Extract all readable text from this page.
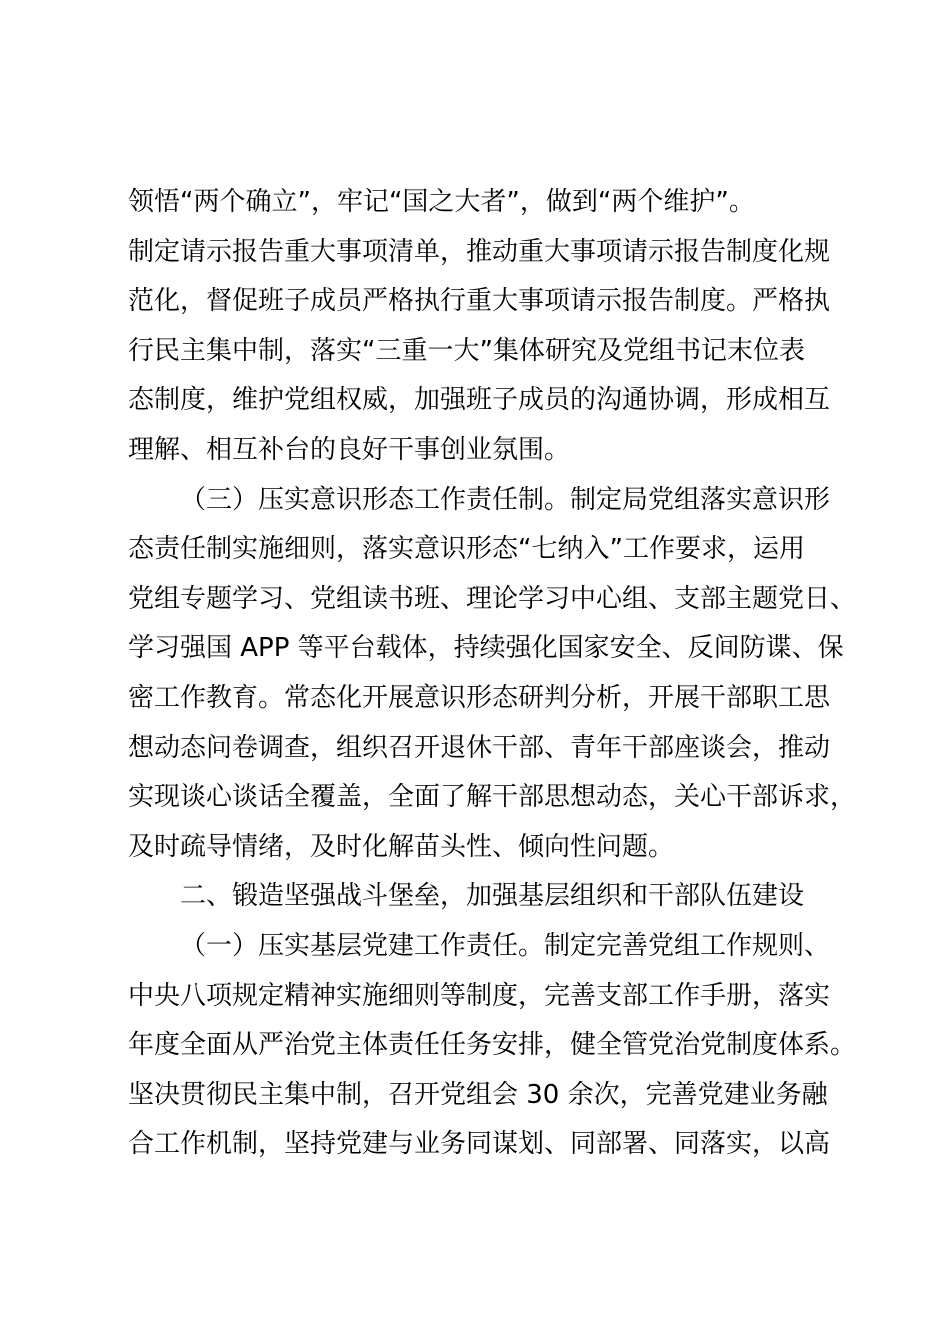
领悟“两个确立”，牢记“国之大者”，做到“两个维护”。
制定请示报告重大事项清单，推动重大事项请示报告制度化规
范化，督促班子成员严格执行重大事项请示报告制度。严格执
行民主集中制，落实“三重一大”集体研究及党组书记末位表
态制度，维护党组权威，加强班子成员的沟通协调，形成相互
理解、相互补台的良好干事创业氛围。
（三）压实意识形态工作责任制。制定局党组落实意识形
态责任制实施细则，落实意识形态“七纳入”工作要求，运用
党组专题学习、党组读书班、理论学习中心组、支部主题党日、
学习强国 APP 等平台载体，持续强化国家安全、反间防谍、保
密工作教育。常态化开展意识形态研判分析，开展干部职工思
想动态问卷调查，组织召开退休干部、青年干部座谈会，推动
实现谈心谈话全覆盖，全面了解干部思想动态，关心干部诉求，
及时疏导情绪，及时化解苗头性、倾向性问题。
二、锻造坚强战斗堡垒，加强基层组织和干部队伍建设
（一）压实基层党建工作责任。制定完善党组工作规则、
中央八项规定精神实施细则等制度，完善支部工作手册，落实
年度全面从严治党主体责任任务安排，健全管党治党制度体系。
坚决贯彻民主集中制，召开党组会 30 余次，完善党建业务融
合工作机制，坚持党建与业务同谋划、同部署、同落实，以高
